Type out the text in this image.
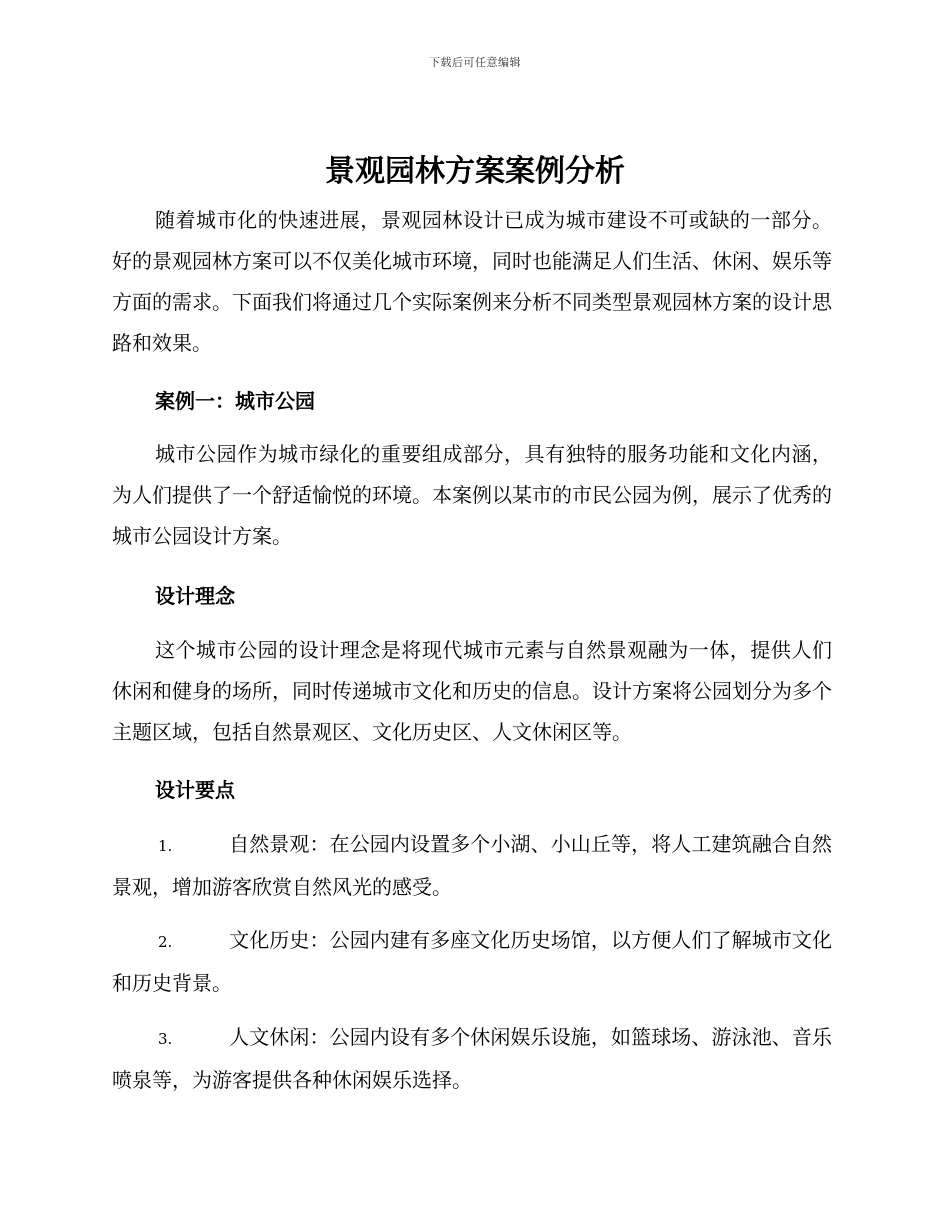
下载后可任意编辑
景观园林方案案例分析

随着城市化的快速进展，景观园林设计已成为城市建设不可或缺的一部分。好的景观园林方案可以不仅美化城市环境，同时也能满足人们生活、休闲、娱乐等方面的需求。下面我们将通过几个实际案例来分析不同类型景观园林方案的设计思路和效果。

案例一：城市公园

城市公园作为城市绿化的重要组成部分，具有独特的服务功能和文化内涵，为人们提供了一个舒适愉悦的环境。本案例以某市的市民公园为例，展示了优秀的城市公园设计方案。

设计理念

这个城市公园的设计理念是将现代城市元素与自然景观融为一体，提供人们休闲和健身的场所，同时传递城市文化和历史的信息。设计方案将公园划分为多个主题区域，包括自然景观区、文化历史区、人文休闲区等。

设计要点

1.	自然景观：在公园内设置多个小湖、小山丘等，将人工建筑融合自然景观，增加游客欣赏自然风光的感受。

2.	文化历史：公园内建有多座文化历史场馆，以方便人们了解城市文化和历史背景。

3.	人文休闲：公园内设有多个休闲娱乐设施，如篮球场、游泳池、音乐喷泉等，为游客提供各种休闲娱乐选择。
